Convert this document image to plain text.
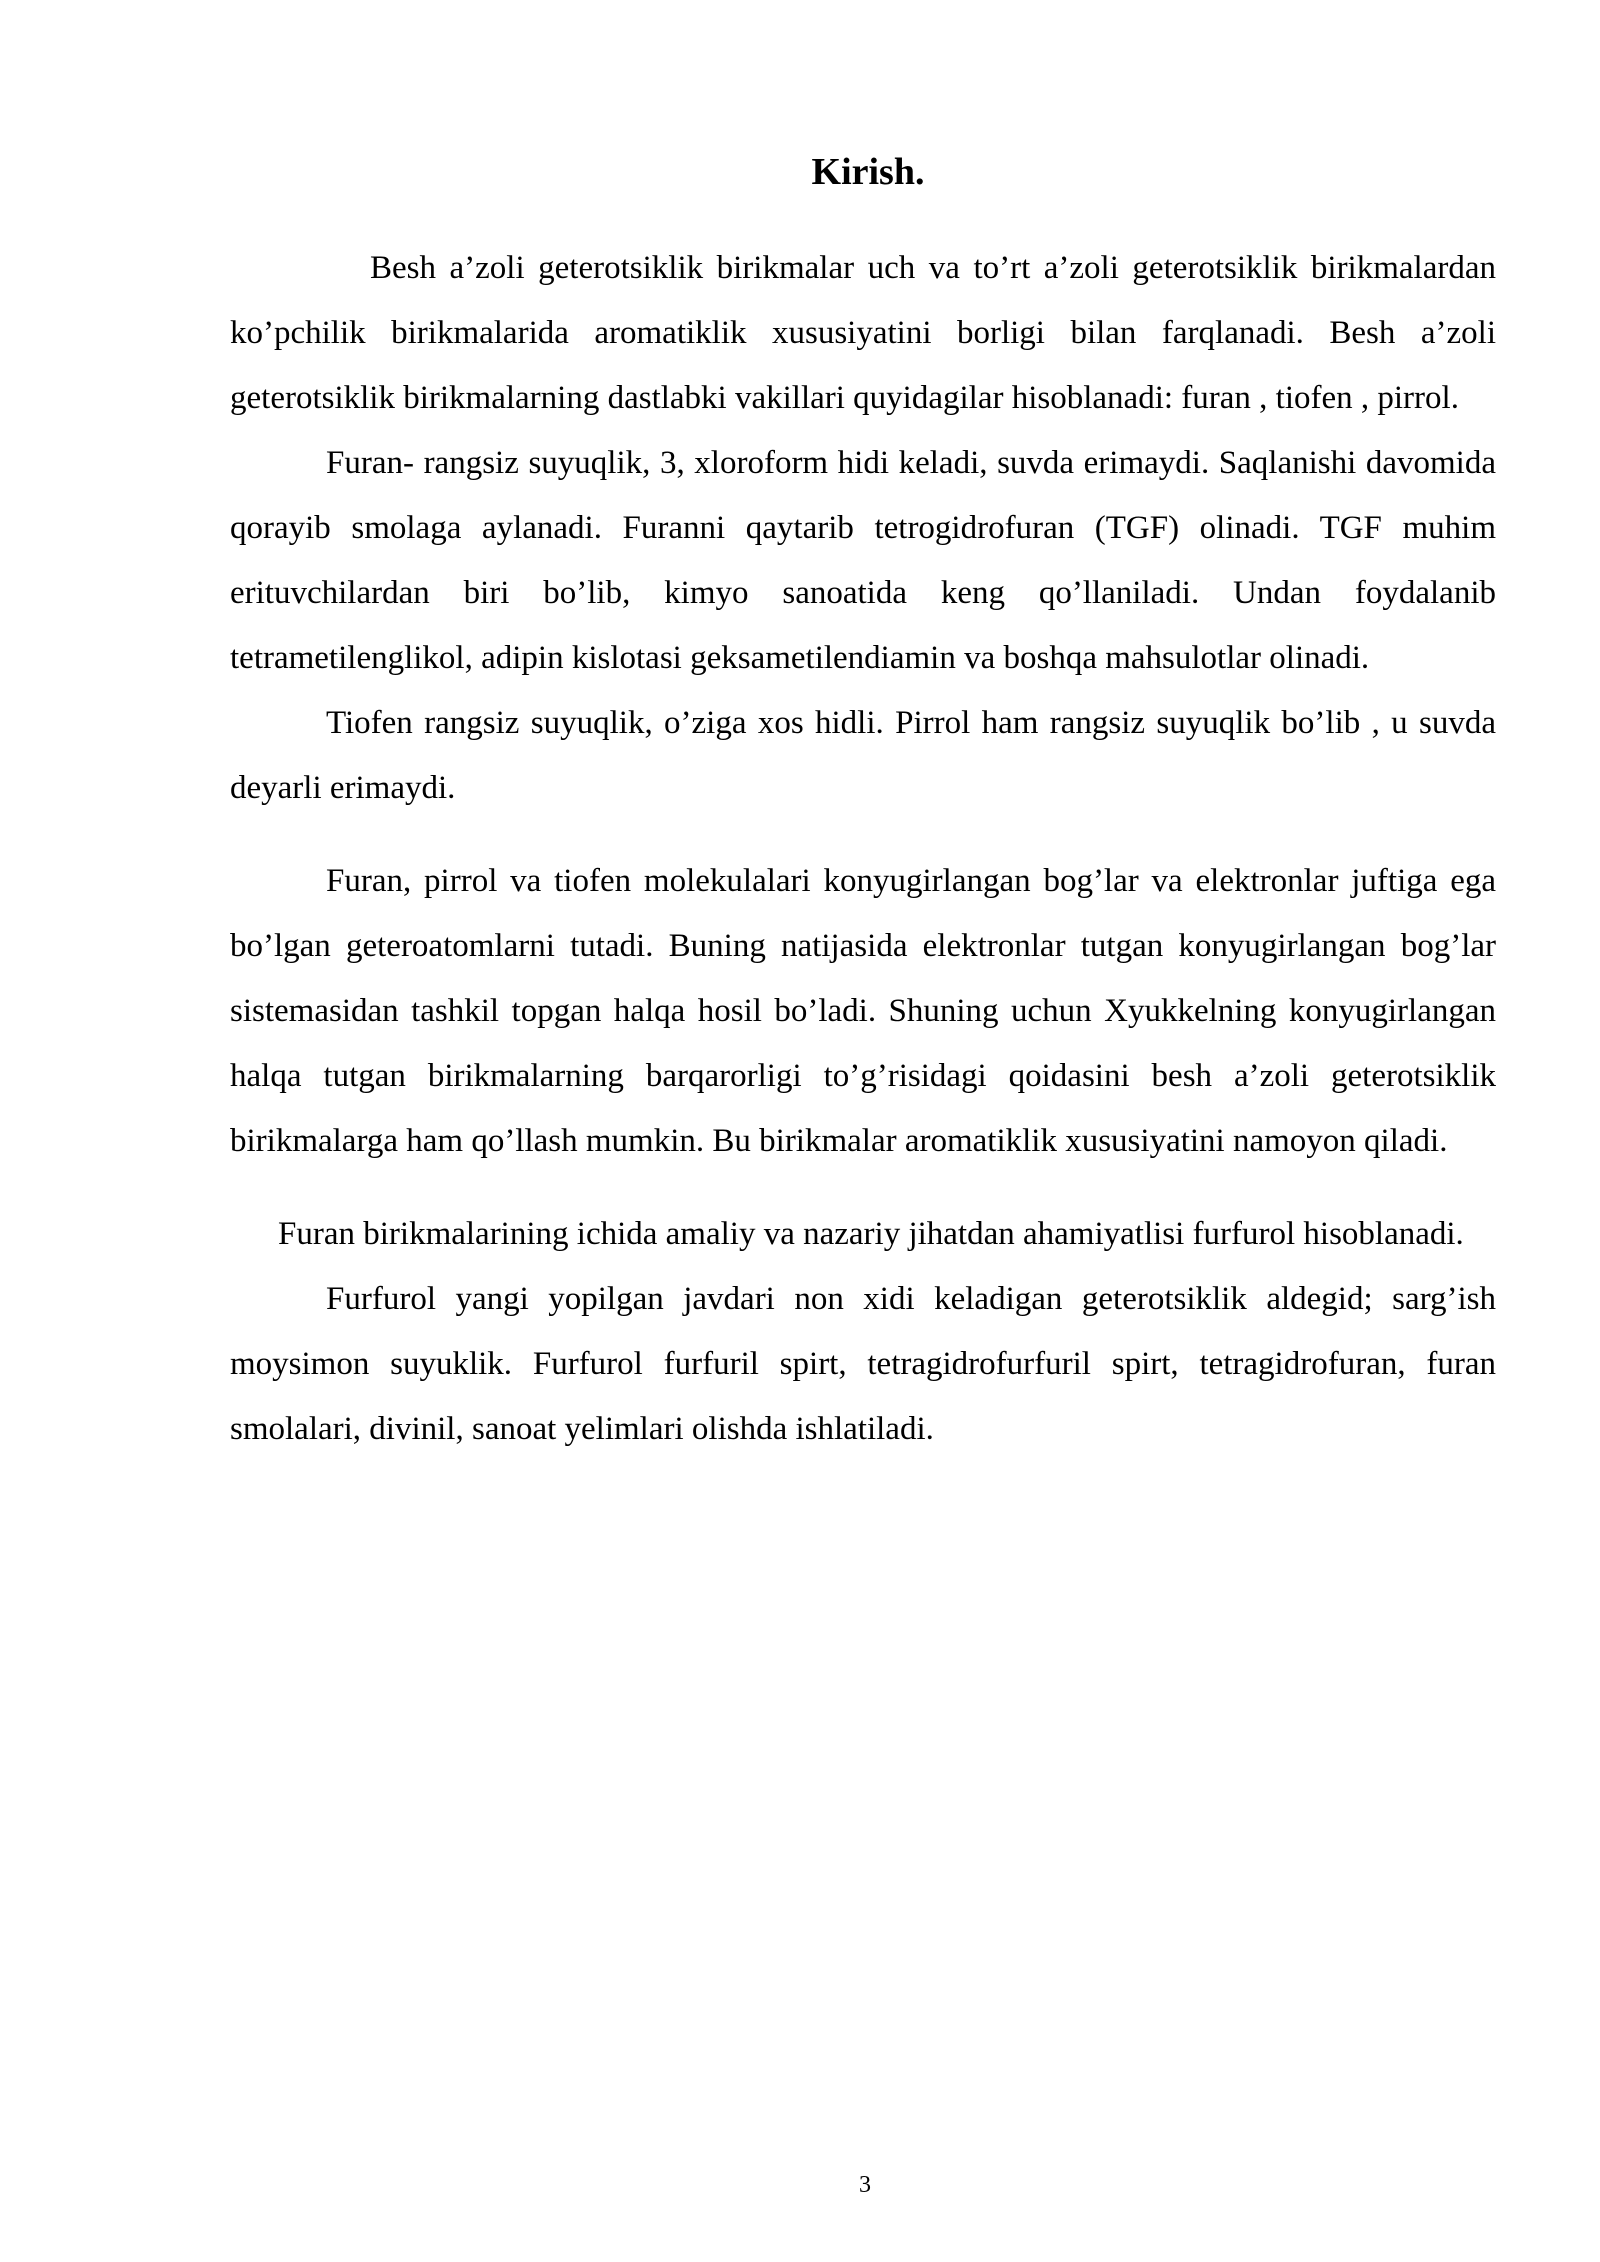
Kirish.

Besh a’zoli geterotsiklik birikmalar uch va to’rt a’zoli geterotsiklik birikmalardan ko’pchilik birikmalarida aromatiklik xususiyatini borligi bilan farqlanadi. Besh a’zoli geterotsiklik birikmalarning dastlabki vakillari quyidagilar hisoblanadi: furan , tiofen , pirrol.

Furan- rangsiz suyuqlik, 3, xloroform hidi keladi, suvda erimaydi. Saqlanishi davomida qorayib smolaga aylanadi. Furanni qaytarib tetrogidrofuran (TGF) olinadi. TGF muhim erituvchilardan biri bo’lib, kimyo sanoatida keng qo’llaniladi. Undan foydalanib tetrametilenglikol, adipin kislotasi geksametilendiamin va boshqa mahsulotlar olinadi.

Tiofen rangsiz suyuqlik, o’ziga xos hidli. Pirrol ham rangsiz suyuqlik bo’lib , u suvda deyarli erimaydi.

Furan, pirrol va tiofen molekulalari konyugirlangan bog’lar va elektronlar juftiga ega bo’lgan geteroatomlarni tutadi. Buning natijasida elektronlar tutgan konyugirlangan bog’lar sistemasidan tashkil topgan halqa hosil bo’ladi. Shuning uchun Xyukkelning konyugirlangan halqa tutgan birikmalarning barqarorligi to’g’risidagi qoidasini besh a’zoli geterotsiklik birikmalarga ham qo’llash mumkin. Bu birikmalar aromatiklik xususiyatini namoyon qiladi.

Furan birikmalarining ichida amaliy va nazariy jihatdan ahamiyatlisi furfurol hisoblanadi.

Furfurol yangi yopilgan javdari non xidi keladigan geterotsiklik aldegid; sarg’ish moysimon suyuklik. Furfurol furfuril spirt, tetragidrofurfuril spirt, tetragidrofuran, furan smolalari, divinil, sanoat yelimlari olishda ishlatiladi.

3
